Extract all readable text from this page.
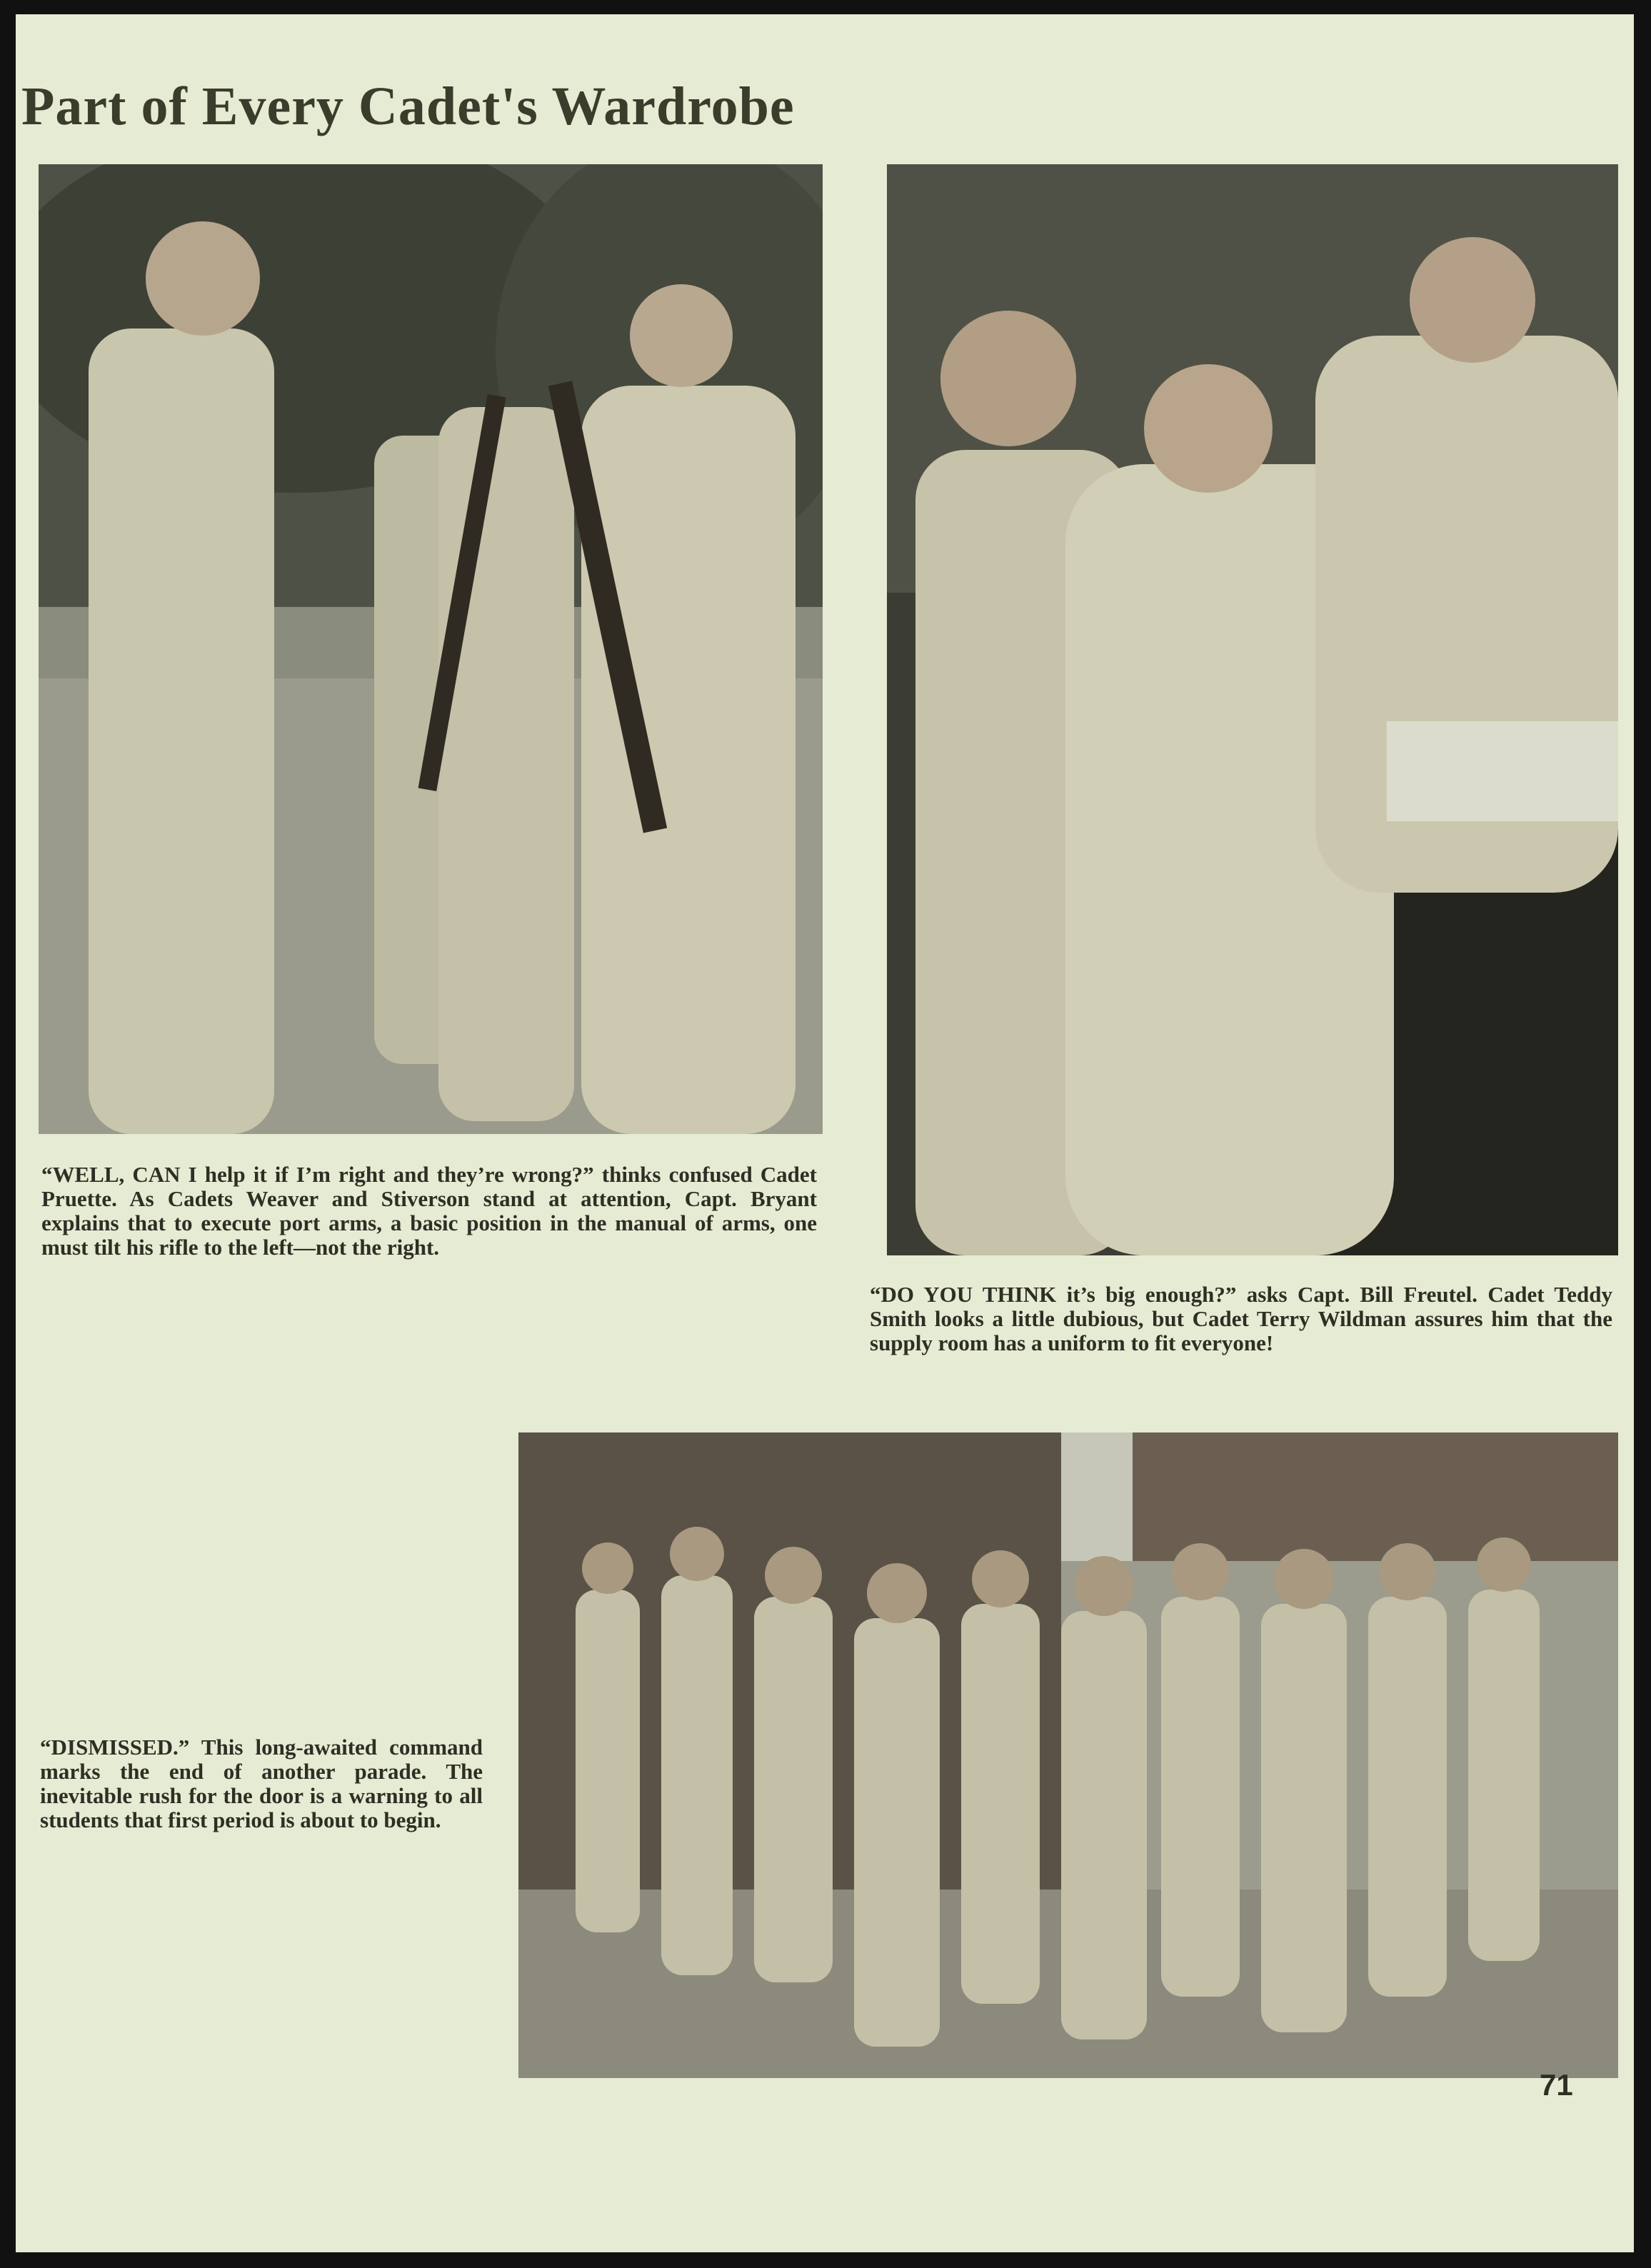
Part of Every Cadet's Wardrobe
“WELL, CAN I help it if I’m right and they’re wrong?” thinks confused Cadet Pruette. As Cadets Weaver and Stiverson stand at attention, Capt. Bryant explains that to execute port arms, a basic position in the manual of arms, one must tilt his rifle to the left—not the right.
“DO YOU THINK it’s big enough?” asks Capt. Bill Freutel. Cadet Teddy Smith looks a little dubious, but Cadet Terry Wildman assures him that the supply room has a uniform to fit everyone!
“DISMISSED.” This long-awaited command marks the end of another parade. The inevitable rush for the door is a warning to all students that first period is about to begin.
71
